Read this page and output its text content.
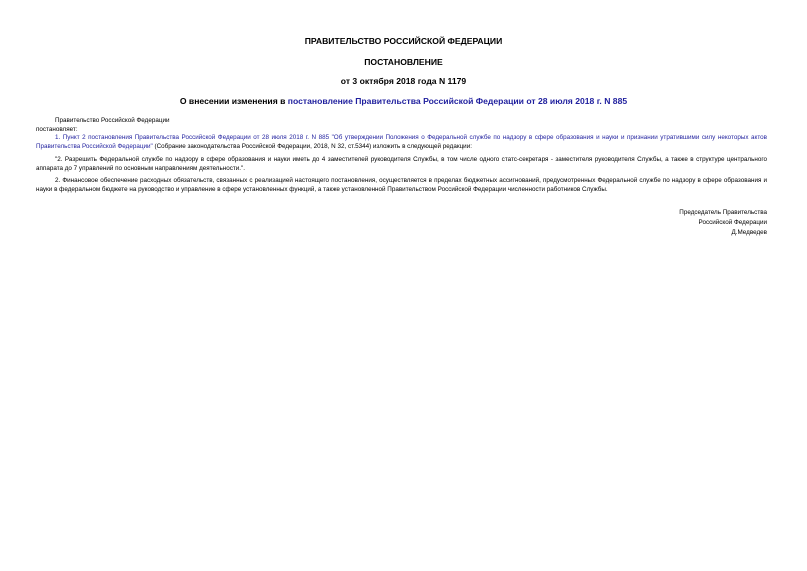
ПРАВИТЕЛЬСТВО РОССИЙСКОЙ ФЕДЕРАЦИИ
ПОСТАНОВЛЕНИЕ
от 3 октября 2018 года N 1179
О внесении изменения в постановление Правительства Российской Федерации от 28 июля 2018 г. N 885

Правительство Российской Федерации

постановляет:

1. Пункт 2 постановления Правительства Российской Федерации от 28 июля 2018 г. N 885 "Об утверждении Положения о Федеральной службе по надзору в сфере образования и науки и признании утратившими силу некоторых актов Правительства Российской Федерации" (Собрание законодательства Российской Федерации, 2018, N 32, ст.5344) изложить в следующей редакции:

"2. Разрешить Федеральной службе по надзору в сфере образования и науки иметь до 4 заместителей руководителя Службы, в том числе одного статс-секретаря - заместителя руководителя Службы, а также в структуре центрального аппарата до 7 управлений по основным направлениям деятельности.".

2. Финансовое обеспечение расходных обязательств, связанных с реализацией настоящего постановления, осуществляется в пределах бюджетных ассигнований, предусмотренных Федеральной службе по надзору в сфере образования и науки в федеральном бюджете на руководство и управление в сфере установленных функций, а также установленной Правительством Российской Федерации численности работников Службы.

Председатель Правительства
Российской Федерации
Д.Медведев
